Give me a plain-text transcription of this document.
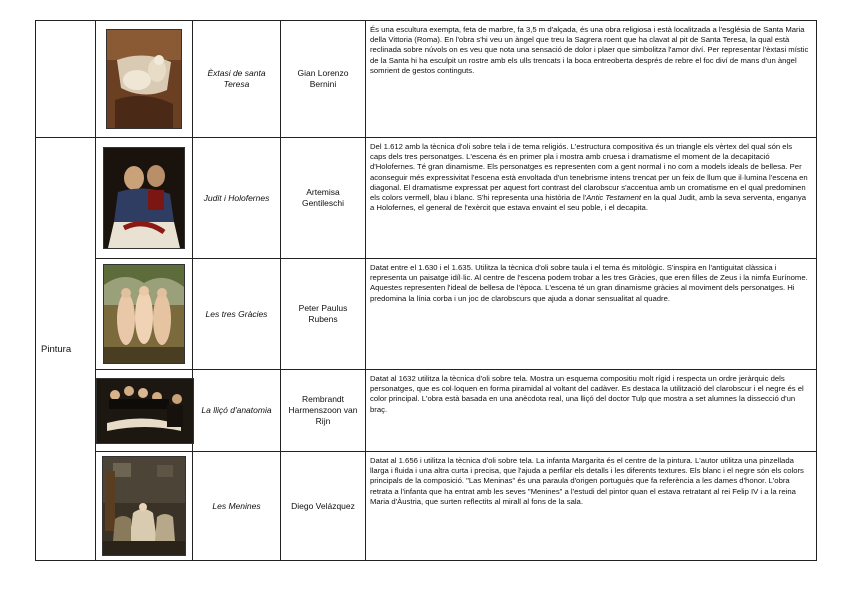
		Èxtasi de santa Teresa	Gian Lorenzo Bernini	És una escultura exempta, feta de marbre, fa 3,5 m d'alçada, és una obra religiosa i està localitzada a l'església de Santa Maria della Vittoria (Roma). En l'obra s'hi veu un àngel que treu la Sagrera roent que ha clavat al pit de Santa Teresa, la qual està reclinada sobre núvols on es veu que nota una sensació de dolor i plaer que simbolitza l'amor diví. Per representar l'èxtasi místic de la Santa hi ha esculpit un rostre amb els ulls trencats i la boca entreoberta després de rebre el foc diví de mans d'un àngel somrient de gestos continguts.
Pintura		Judit i Holofernes	Artemisa Gentileschi	Del 1.612 amb la tècnica d'oli sobre tela i de tema religiós. L'estructura compositiva és un triangle els vèrtex del qual són els caps dels tres personatges. L'escena és en primer pla i mostra amb cruesa i dramatisme el moment de la decapitació d'Holofernes. Té gran dinamisme. Els personatges es representen com a gent normal i no com a models ideals de bellesa. Per aconseguir més expressivitat l'escena està envoltada d'un tenebrisme intens trencat per un feix de llum que il·lumina l'escena en diagonal. El dramatisme expressat per aquest fort contrast del clarobscur s'accentua amb un cromatisme en el qual predominen els colors vermell, blau i blanc. S'hi representa una història de l'Antic Testament en la qual Judit, amb la seva serventa, enganya a Holofernes, el general de l'exèrcit que estava envaint el seu poble, i el decapita.
	Les tres Gràcies	Peter Paulus Rubens	Datat entre el 1.630 i el 1.635. Utilitza la tècnica d'oli sobre taula i el tema és mitològic. S'inspira en l'antiguitat clàssica i representa un paisatge idíl·lic. Al centre de l'escena podem trobar a les tres Gràcies, que eren filles de Zeus i la nimfa Eurínome. Aquestes representen l'ideal de bellesa de l'època. L'escena té un gran dinamisme gràcies al moviment dels personatges. Hi predomina la línia corba i un joc de clarobscurs que ajuda a donar sensualitat al quadre.
	La lliçó d'anatomia	Rembrandt Harmenszoon van Rijn	Datat al 1632 utilitza la tècnica d'oli sobre tela. Mostra un esquema compositiu molt rígid i respecta un ordre jeràrquic dels personatges, que es col·loquen en forma piramidal al voltant del cadàver. Es destaca la utilització del clarobscur i el negre és el color principal. L'obra està basada en una anècdota real, una lliçó del doctor Tulp que mostra a set alumnes la dissecció d'un braç.
	Les Menines	Diego Velázquez	Datat al 1.656 i utilitza la tècnica d'oli sobre tela. La infanta Margarita és el centre de la pintura. L'autor utilitza una pinzellada llarga i fluida i una altra curta i precisa, que l'ajuda a perfilar els detalls i les diferents textures. Els blanc i el negre són els colors principals de la composició. "Las Meninas" és una paraula d'origen portuguès que fa referència a les dames d'honor. L'obra retrata a l'infanta que ha entrat amb les seves "Menines" a l'estudi del pintor quan el estava retratant al rei Felip IV i a la reina Maria d'Àustria, que surten reflectits al mirall al fons de la sala.
